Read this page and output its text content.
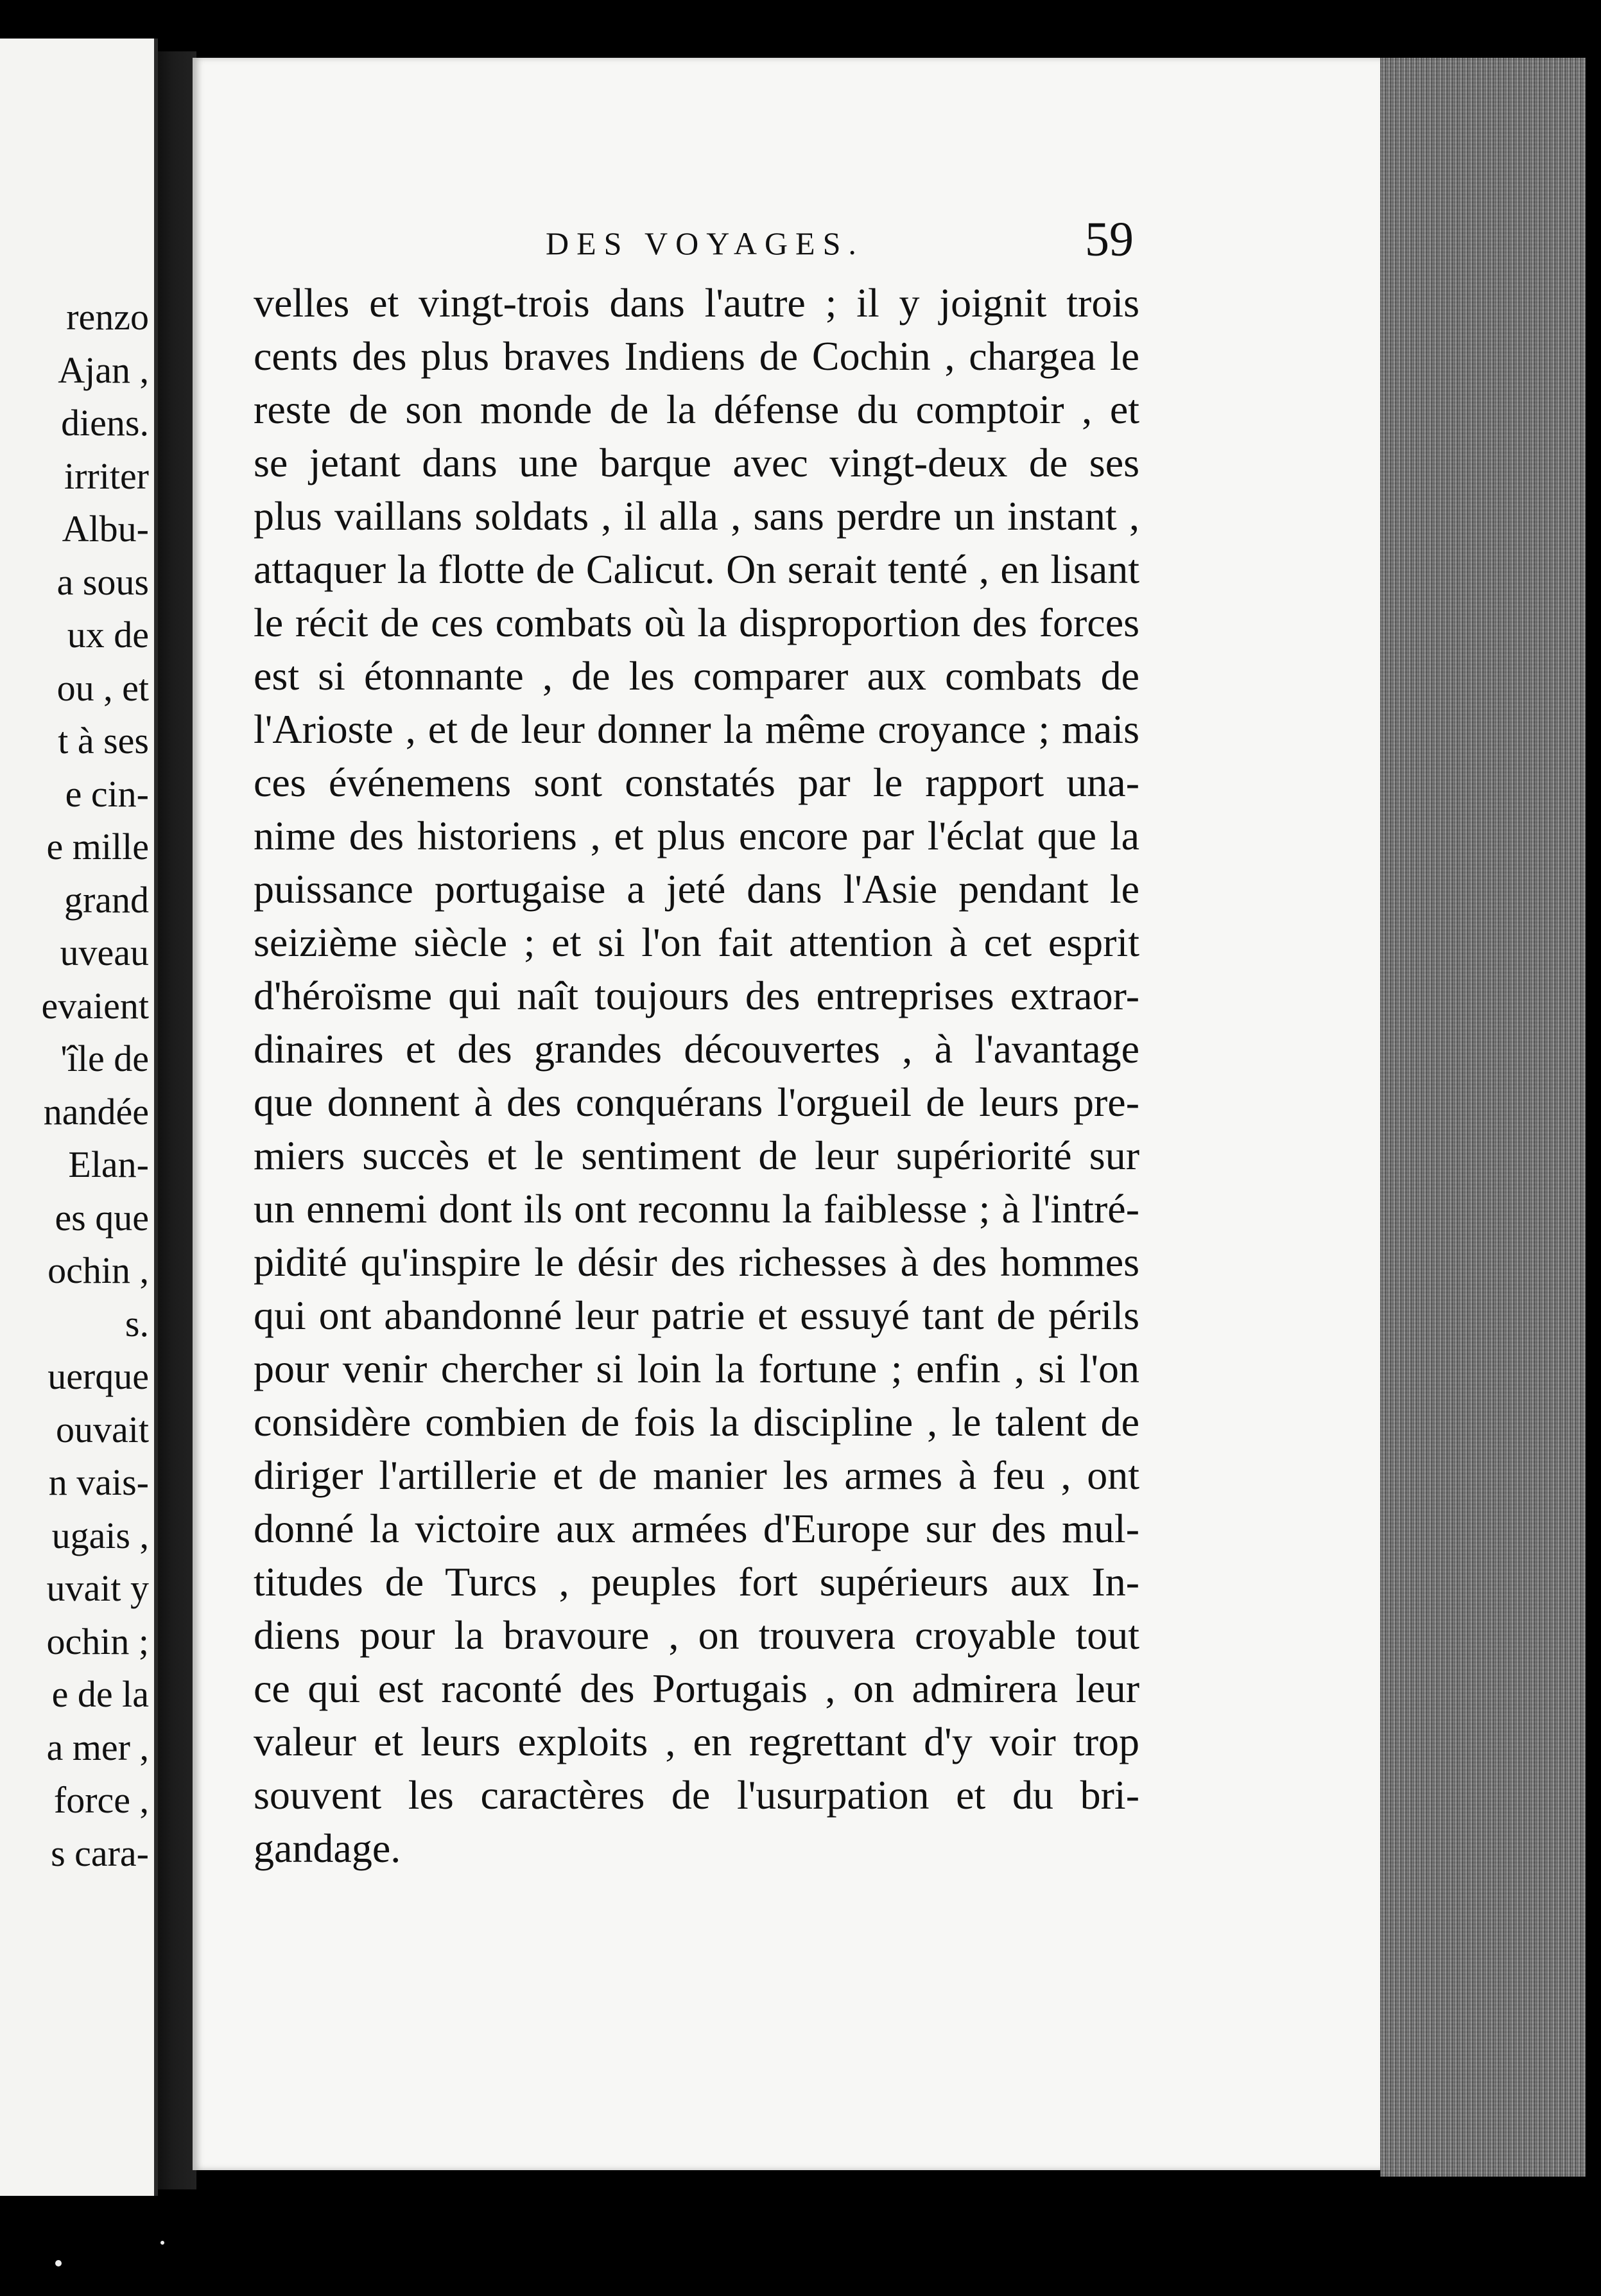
renzo
Ajan ,
diens.
irriter
Albu-
a sous
ux de
ou , et
t à ses
e cin-
e mille
grand
uveau
evaient
'île de
nandée
Elan-
es que
ochin ,
s.
uerque
ouvait
n vais-
ugais ,
uvait y
ochin ;
e de la
a mer ,
force ,
s cara-
DES VOYAGES.	59
velles et vingt-trois dans l'autre ; il y joignit trois
cents des plus braves Indiens de Cochin , chargea le
reste de son monde de la défense du comptoir , et
se jetant dans une barque avec vingt-deux de ses
plus vaillans soldats , il alla , sans perdre un instant ,
attaquer la flotte de Calicut. On serait tenté , en lisant
le récit de ces combats où la disproportion des forces
est si étonnante , de les comparer aux combats de
l'Arioste , et de leur donner la même croyance ; mais
ces événemens sont constatés par le rapport una-
nime des historiens , et plus encore par l'éclat que la
puissance portugaise a jeté dans l'Asie pendant le
seizième siècle ; et si l'on fait attention à cet esprit
d'héroïsme qui naît toujours des entreprises extraor-
dinaires et des grandes découvertes , à l'avantage
que donnent à des conquérans l'orgueil de leurs pre-
miers succès et le sentiment de leur supériorité sur
un ennemi dont ils ont reconnu la faiblesse ; à l'intré-
pidité qu'inspire le désir des richesses à des hommes
qui ont abandonné leur patrie et essuyé tant de périls
pour venir chercher si loin la fortune ; enfin , si l'on
considère combien de fois la discipline , le talent de
diriger l'artillerie et de manier les armes à feu , ont
donné la victoire aux armées d'Europe sur des mul-
titudes de Turcs , peuples fort supérieurs aux In-
diens pour la bravoure , on trouvera croyable tout
ce qui est raconté des Portugais , on admirera leur
valeur et leurs exploits , en regrettant d'y voir trop
souvent les caractères de l'usurpation et du bri-
gandage.
